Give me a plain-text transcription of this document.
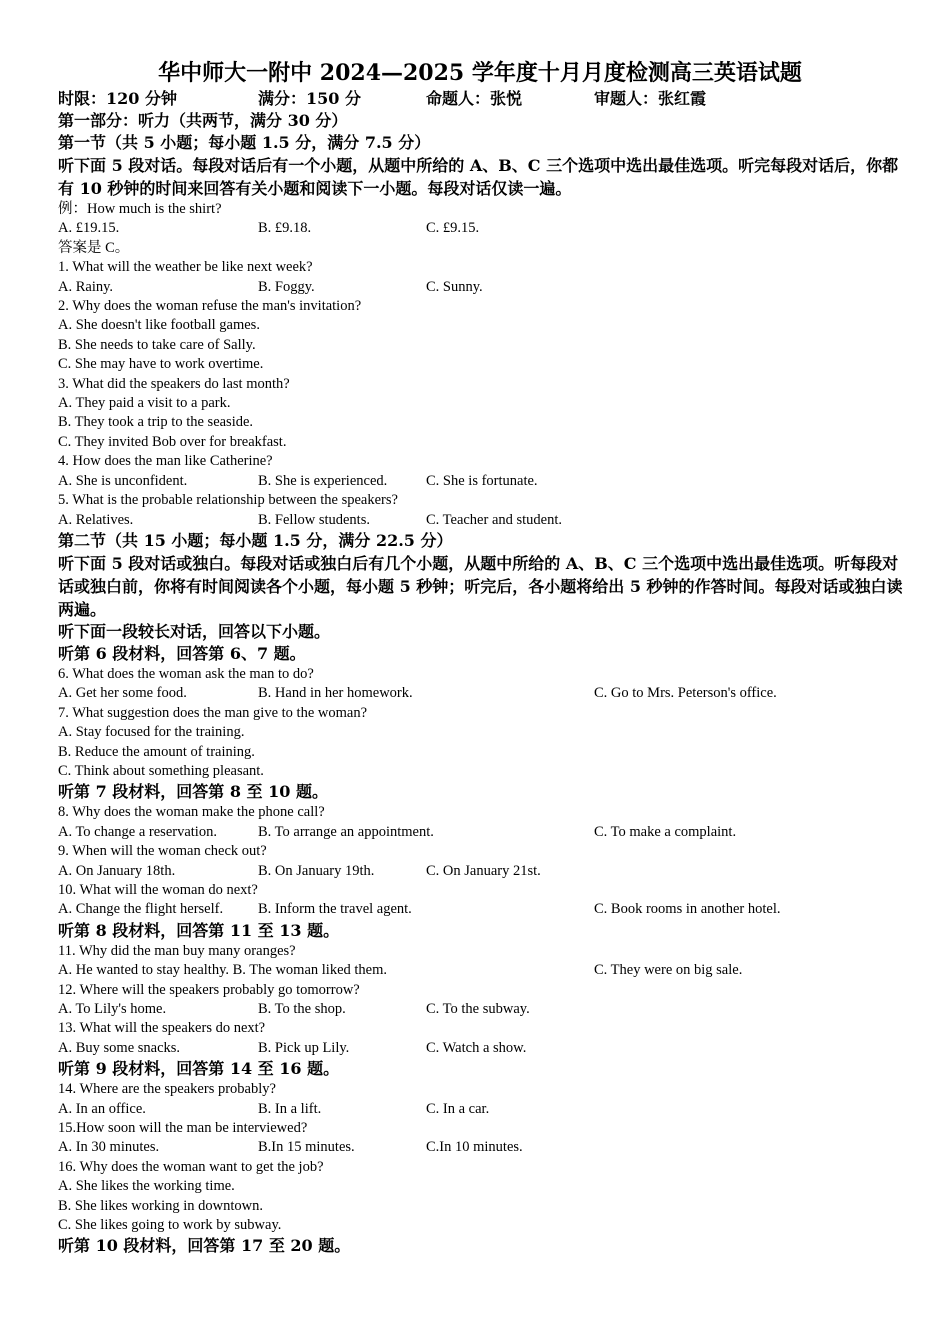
华中师大一附中 2024—2025 学年度十月月度检测高三英语试题
时限：120 分钟	满分：150 分	命题人：张悦	审题人：张红霞
第一部分：听力（共两节，满分 30 分）
第一节（共 5 小题；每小题 1.5 分，满分 7.5 分）
听下面 5 段对话。每段对话后有一个小题，从题中所给的 A、B、C 三个选项中选出最佳选项。听完每段对话后，你都有 10 秒钟的时间来回答有关小题和阅读下一小题。每段对话仅读一遍。
例：How much is the shirt?
A. £19.15.	B. £9.18.	C. £9.15.
答案是 C。
1. What will the weather be like next week?
A. Rainy.	B. Foggy.	C. Sunny.
2. Why does the woman refuse the man's invitation?
A. She doesn't like football games.
B. She needs to take care of Sally.
C. She may have to work overtime.
3. What did the speakers do last month?
A. They paid a visit to a park.
B. They took a trip to the seaside.
C. They invited Bob over for breakfast.
4. How does the man like Catherine?
A. She is unconfident.	B. She is experienced.	C. She is fortunate.
5. What is the probable relationship between the speakers?
A. Relatives.	B. Fellow students.	C. Teacher and student.
第二节（共 15 小题；每小题 1.5 分，满分 22.5 分）
听下面 5 段对话或独白。每段对话或独白后有几个小题，从题中所给的 A、B、C 三个选项中选出最佳选项。听每段对话或独白前，你将有时间阅读各个小题，每小题 5 秒钟；听完后，各小题将给出 5 秒钟的作答时间。每段对话或独白读两遍。
听下面一段较长对话，回答以下小题。
听第 6 段材料，回答第 6、7 题。
6. What does the woman ask the man to do?
A. Get her some food.	B. Hand in her homework.	C. Go to Mrs. Peterson's office.
7. What suggestion does the man give to the woman?
A. Stay focused for the training.
B. Reduce the amount of training.
C. Think about something pleasant.
听第 7 段材料，回答第 8 至 10 题。
8. Why does the woman make the phone call?
A. To change a reservation.	B. To arrange an appointment.	C. To make a complaint.
9. When will the woman check out?
A. On January 18th.	B. On January 19th.	C. On January 21st.
10. What will the woman do next?
A. Change the flight herself.	B. Inform the travel agent.	C. Book rooms in another hotel.
听第 8 段材料，回答第 11 至 13 题。
11. Why did the man buy many oranges?
A. He wanted to stay healthy. B. The woman liked them.	C. They were on big sale.
12. Where will the speakers probably go tomorrow?
A. To Lily's home.	B. To the shop.	C. To the subway.
13. What will the speakers do next?
A. Buy some snacks.	B. Pick up Lily.	C. Watch a show.
听第 9 段材料，回答第 14 至 16 题。
14. Where are the speakers probably?
A. In an office.	B. In a lift.	C. In a car.
15.How soon will the man be interviewed?
A. In 30 minutes.	B.In 15 minutes.	C.In 10 minutes.
16. Why does the woman want to get the job?
A. She likes the working time.
B. She likes working in downtown.
C. She likes going to work by subway.
听第 10 段材料，回答第 17 至 20 题。
